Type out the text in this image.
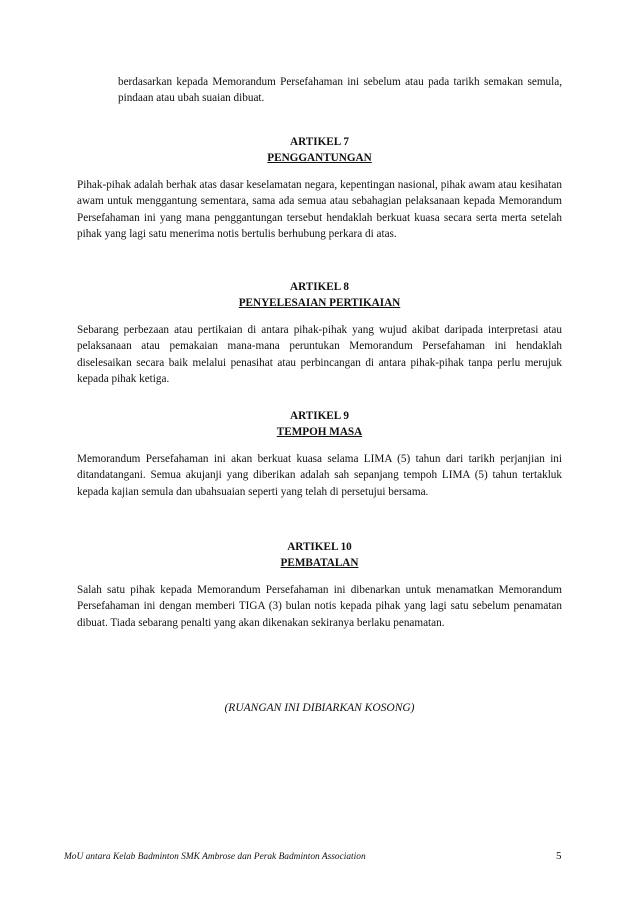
berdasarkan kepada Memorandum Persefahaman ini sebelum atau pada tarikh semakan semula, pindaan atau ubah suaian dibuat.

ARTIKEL 7
PENGGANTUNGAN

Pihak-pihak adalah berhak atas dasar keselamatan negara, kepentingan nasional, pihak awam atau kesihatan awam untuk menggantung sementara, sama ada semua atau sebahagian pelaksanaan kepada Memorandum Persefahaman ini yang mana penggantungan tersebut hendaklah berkuat kuasa secara serta merta setelah pihak yang lagi satu menerima notis bertulis berhubung perkara di atas.

ARTIKEL 8
PENYELESAIAN PERTIKAIAN

Sebarang perbezaan atau pertikaian di antara pihak-pihak yang wujud akibat daripada interpretasi atau pelaksanaan atau pemakaian mana-mana peruntukan Memorandum Persefahaman ini hendaklah diselesaikan secara baik melalui penasihat atau perbincangan di antara pihak-pihak tanpa perlu merujuk kepada pihak ketiga.

ARTIKEL 9
TEMPOH MASA

Memorandum Persefahaman ini akan berkuat kuasa selama LIMA (5) tahun dari tarikh perjanjian ini ditandatangani. Semua akujanji yang diberikan adalah sah sepanjang tempoh LIMA (5) tahun tertakluk kepada kajian semula dan ubahsuaian seperti yang telah di persetujui bersama.

ARTIKEL 10
PEMBATALAN

Salah satu pihak kepada Memorandum Persefahaman ini dibenarkan untuk menamatkan Memorandum Persefahaman ini dengan memberi TIGA (3) bulan notis kepada pihak yang lagi satu sebelum penamatan dibuat. Tiada sebarang penalti yang akan dikenakan sekiranya berlaku penamatan.

(RUANGAN INI DIBIARKAN KOSONG)

MoU antara Kelab Badminton SMK Ambrose dan Perak Badminton Association	5
